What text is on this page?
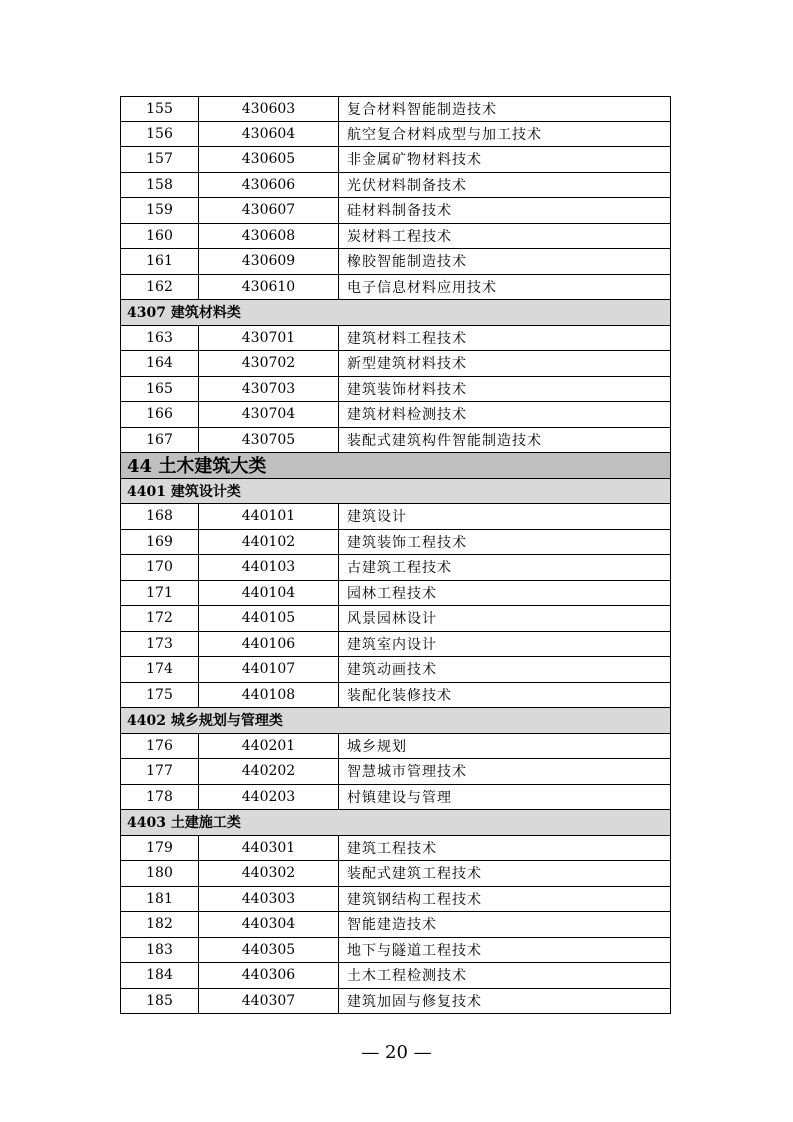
155	430603	复合材料智能制造技术
156	430604	航空复合材料成型与加工技术
157	430605	非金属矿物材料技术
158	430606	光伏材料制备技术
159	430607	硅材料制备技术
160	430608	炭材料工程技术
161	430609	橡胶智能制造技术
162	430610	电子信息材料应用技术
4307 建筑材料类
163	430701	建筑材料工程技术
164	430702	新型建筑材料技术
165	430703	建筑装饰材料技术
166	430704	建筑材料检测技术
167	430705	装配式建筑构件智能制造技术
44 土木建筑大类
4401 建筑设计类
168	440101	建筑设计
169	440102	建筑装饰工程技术
170	440103	古建筑工程技术
171	440104	园林工程技术
172	440105	风景园林设计
173	440106	建筑室内设计
174	440107	建筑动画技术
175	440108	装配化装修技术
4402 城乡规划与管理类
176	440201	城乡规划
177	440202	智慧城市管理技术
178	440203	村镇建设与管理
4403 土建施工类
179	440301	建筑工程技术
180	440302	装配式建筑工程技术
181	440303	建筑钢结构工程技术
182	440304	智能建造技术
183	440305	地下与隧道工程技术
184	440306	土木工程检测技术
185	440307	建筑加固与修复技术
— 20 —
